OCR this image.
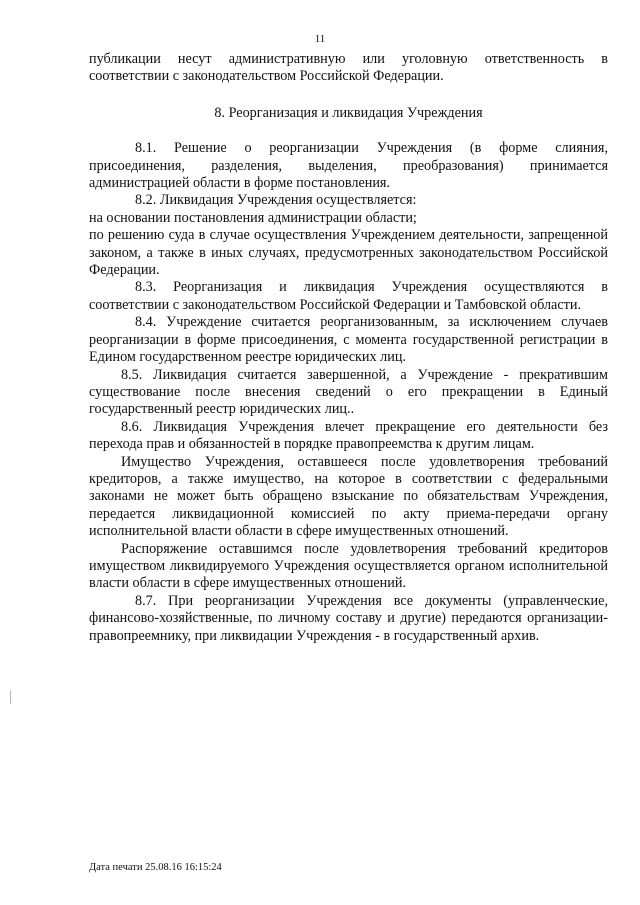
11

публикации несут административную или уголовную ответственность в соответствии с законодательством Российской Федерации.

8. Реорганизация и ликвидация Учреждения

8.1. Решение о реорганизации Учреждения (в форме слияния, присоединения, разделения, выделения, преобразования) принимается администрацией области в форме постановления.

8.2. Ликвидация Учреждения осуществляется:

на основании постановления администрации области;

по решению суда в случае осуществления Учреждением деятельности, запрещенной законом, а также в иных случаях, предусмотренных законодательством Российской Федерации.

8.3. Реорганизация и ликвидация Учреждения осуществляются в соответствии с законодательством Российской Федерации и Тамбовской области.

8.4. Учреждение считается реорганизованным, за исключением случаев реорганизации в форме присоединения, с момента государственной регистрации в Едином государственном реестре юридических лиц.

8.5. Ликвидация считается завершенной, а Учреждение - прекратившим существование после внесения сведений о его прекращении в Единый государственный реестр юридических лиц..

8.6. Ликвидация Учреждения влечет прекращение его деятельности без перехода прав и обязанностей в порядке правопреемства к другим лицам.

Имущество Учреждения, оставшееся после удовлетворения требований кредиторов, а также имущество, на которое в соответствии с федеральными законами не может быть обращено взыскание по обязательствам Учреждения, передается ликвидационной комиссией по акту приема-передачи органу исполнительной власти области в сфере имущественных отношений.

Распоряжение оставшимся после удовлетворения требований кредиторов имуществом ликвидируемого Учреждения осуществляется органом исполнительной власти области в сфере имущественных отношений.

8.7. При реорганизации Учреждения все документы (управленческие, финансово-хозяйственные, по личному составу и другие) передаются организации-правопреемнику, при ликвидации Учреждения - в государственный архив.

Дата печати 25.08.16 16:15:24
